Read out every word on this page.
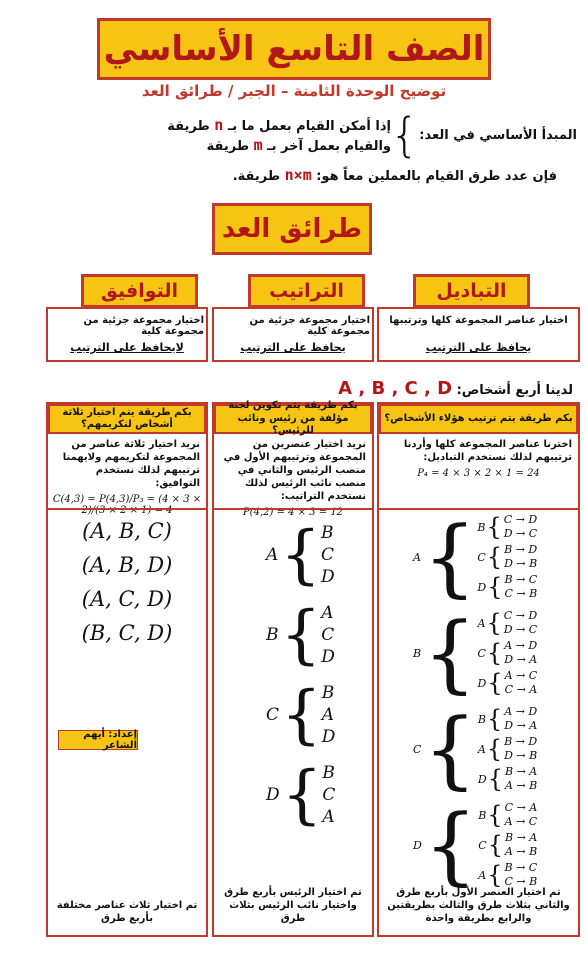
الصف التاسع الأساسي
توضيح الوحدة الثامنة – الجبر / طرائق العد
المبدأ الأساسي في العد:
{
إذا أمكن القيام بعمل ما بـ n طريقة
والقيام بعمل آخر بـ m طريقة
فإن عدد طرق القيام بالعملين معاً هو: n×m طريقة.
طرائق العد
التباديل
التراتيب
التوافيق
اختيار عناصر المجموعة كلها وترتيبها
يحافظ على الترتيب
اختيار مجموعة جزئية من مجموعة كلية
يحافظ على الترتيب
اختيار مجموعة جزئية من مجموعة كلية
لايحافظ على الترتيب
لدينا أربع أشخاص: A , B , C , D
بكم طريقة يتم ترتيب هؤلاء الأشخاص؟
اخترنا عناصر المجموعة كلها وأردنا ترتيبهم لذلك نستخدم التباديل:
P₄ = 4 × 3 × 2 × 1 = 24
A { B { C → D
D → C
C { B → D
D → B
D { B → C
C → B
B { A { C → D
D → C
C { A → D
D → A
D { A → C
C → A
C { B { A → D
D → A
A { B → D
D → B
D { B → A
A → B
D { B { C → A
A → C
C { B → A
A → B
A { B → C
C → B
تم اختيار العنصر الأول بأربع طرق والثاني بثلاث طرق والثالث بطريقتين والرابع بطريقة واحدة
بكم طريقة يتم تكوين لجنة مؤلفة من رئيس ونائب للرئيس؟
نريد اختيار عنصرين من المجموعة وترتيبهم الأول في منصب الرئيس والثاني في منصب نائب الرئيس لذلك نستخدم التراتيب:
P(4,2) = 4 × 3 = 12
A { B
C
D
B { A
C
D
C { B
A
D
D { B
C
A
تم اختيار الرئيس بأربع طرق واختيار نائب الرئيس بثلاث طرق
بكم طريقة يتم اختيار ثلاثة أشخاص لتكريمهم؟
نريد اختيار ثلاثة عناصر من المجموعة لتكريمهم ولايهمنا ترتيبهم لذلك نستخدم التوافيق:
C(4,3) = P(4,3)/P₃ = (4 × 3 × 2)/(3 × 2 × 1) = 4
(A, B, C)
(A, B, D)
(A, C, D)
(B, C, D)
تم اختيار ثلاث عناصر مختلفة بأربع طرق
إعداد: أيهم الشاعر
